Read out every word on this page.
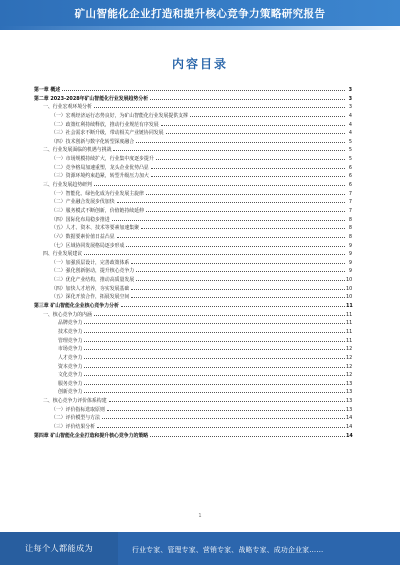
矿山智能化企业打造和提升核心竞争力策略研究报告
内容目录
第一章 概述	3
第二章 2023-2028年矿山智能化行业发展趋势分析	3
一、行业宏观环境分析	3
（一）宏观经济运行态势良好，为矿山智能化行业发展提供支撑	4
（二）政策红利持续释放，推动行业规范有序发展	4
（三）社会需求不断升级，带动相关产业链协同发展	4
（四）技术创新与数字化转型深度融合	5
二、行业发展面临的机遇与挑战	5
（一）市场规模持续扩大，行业集中度逐步提升	5
（二）竞争格局加速重塑，龙头企业优势凸显	6
（三）资源环境约束趋紧，转型升级压力加大	6
三、行业发展趋势研判	6
（一）智能化、绿色化成为行业发展主旋律	7
（二）产业融合发展步伐加快	7
（三）服务模式不断创新，价值链持续延伸	7
（四）国际化布局稳步推进	8
（五）人才、资本、技术等要素加速集聚	8
（六）数据要素价值日益凸显	8
（七）区域协同发展格局逐步形成	9
四、行业发展建议	9
（一）加强顶层设计，完善政策体系	9
（二）强化创新驱动，提升核心竞争力	9
（三）优化产业结构，推动高质量发展	10
（四）加快人才培养，夯实发展基础	10
（五）深化开放合作，拓展发展空间	10
第三章 矿山智能化企业核心竞争力分析	11
一、核心竞争力的内涵	11
品牌竞争力	11
技术竞争力	11
管理竞争力	11
市场竞争力	12
人才竞争力	12
资本竞争力	12
文化竞争力	12
服务竞争力	13
创新竞争力	13
二、核心竞争力评价体系构建	13
（一）评价指标选取原则	13
（二）评价模型与方法	14
（三）评价结果分析	14
第四章 矿山智能化企业打造和提升核心竞争力的策略	14
1
让每个人都能成为	行业专家、管理专家、营销专家、战略专家、成功企业家……
